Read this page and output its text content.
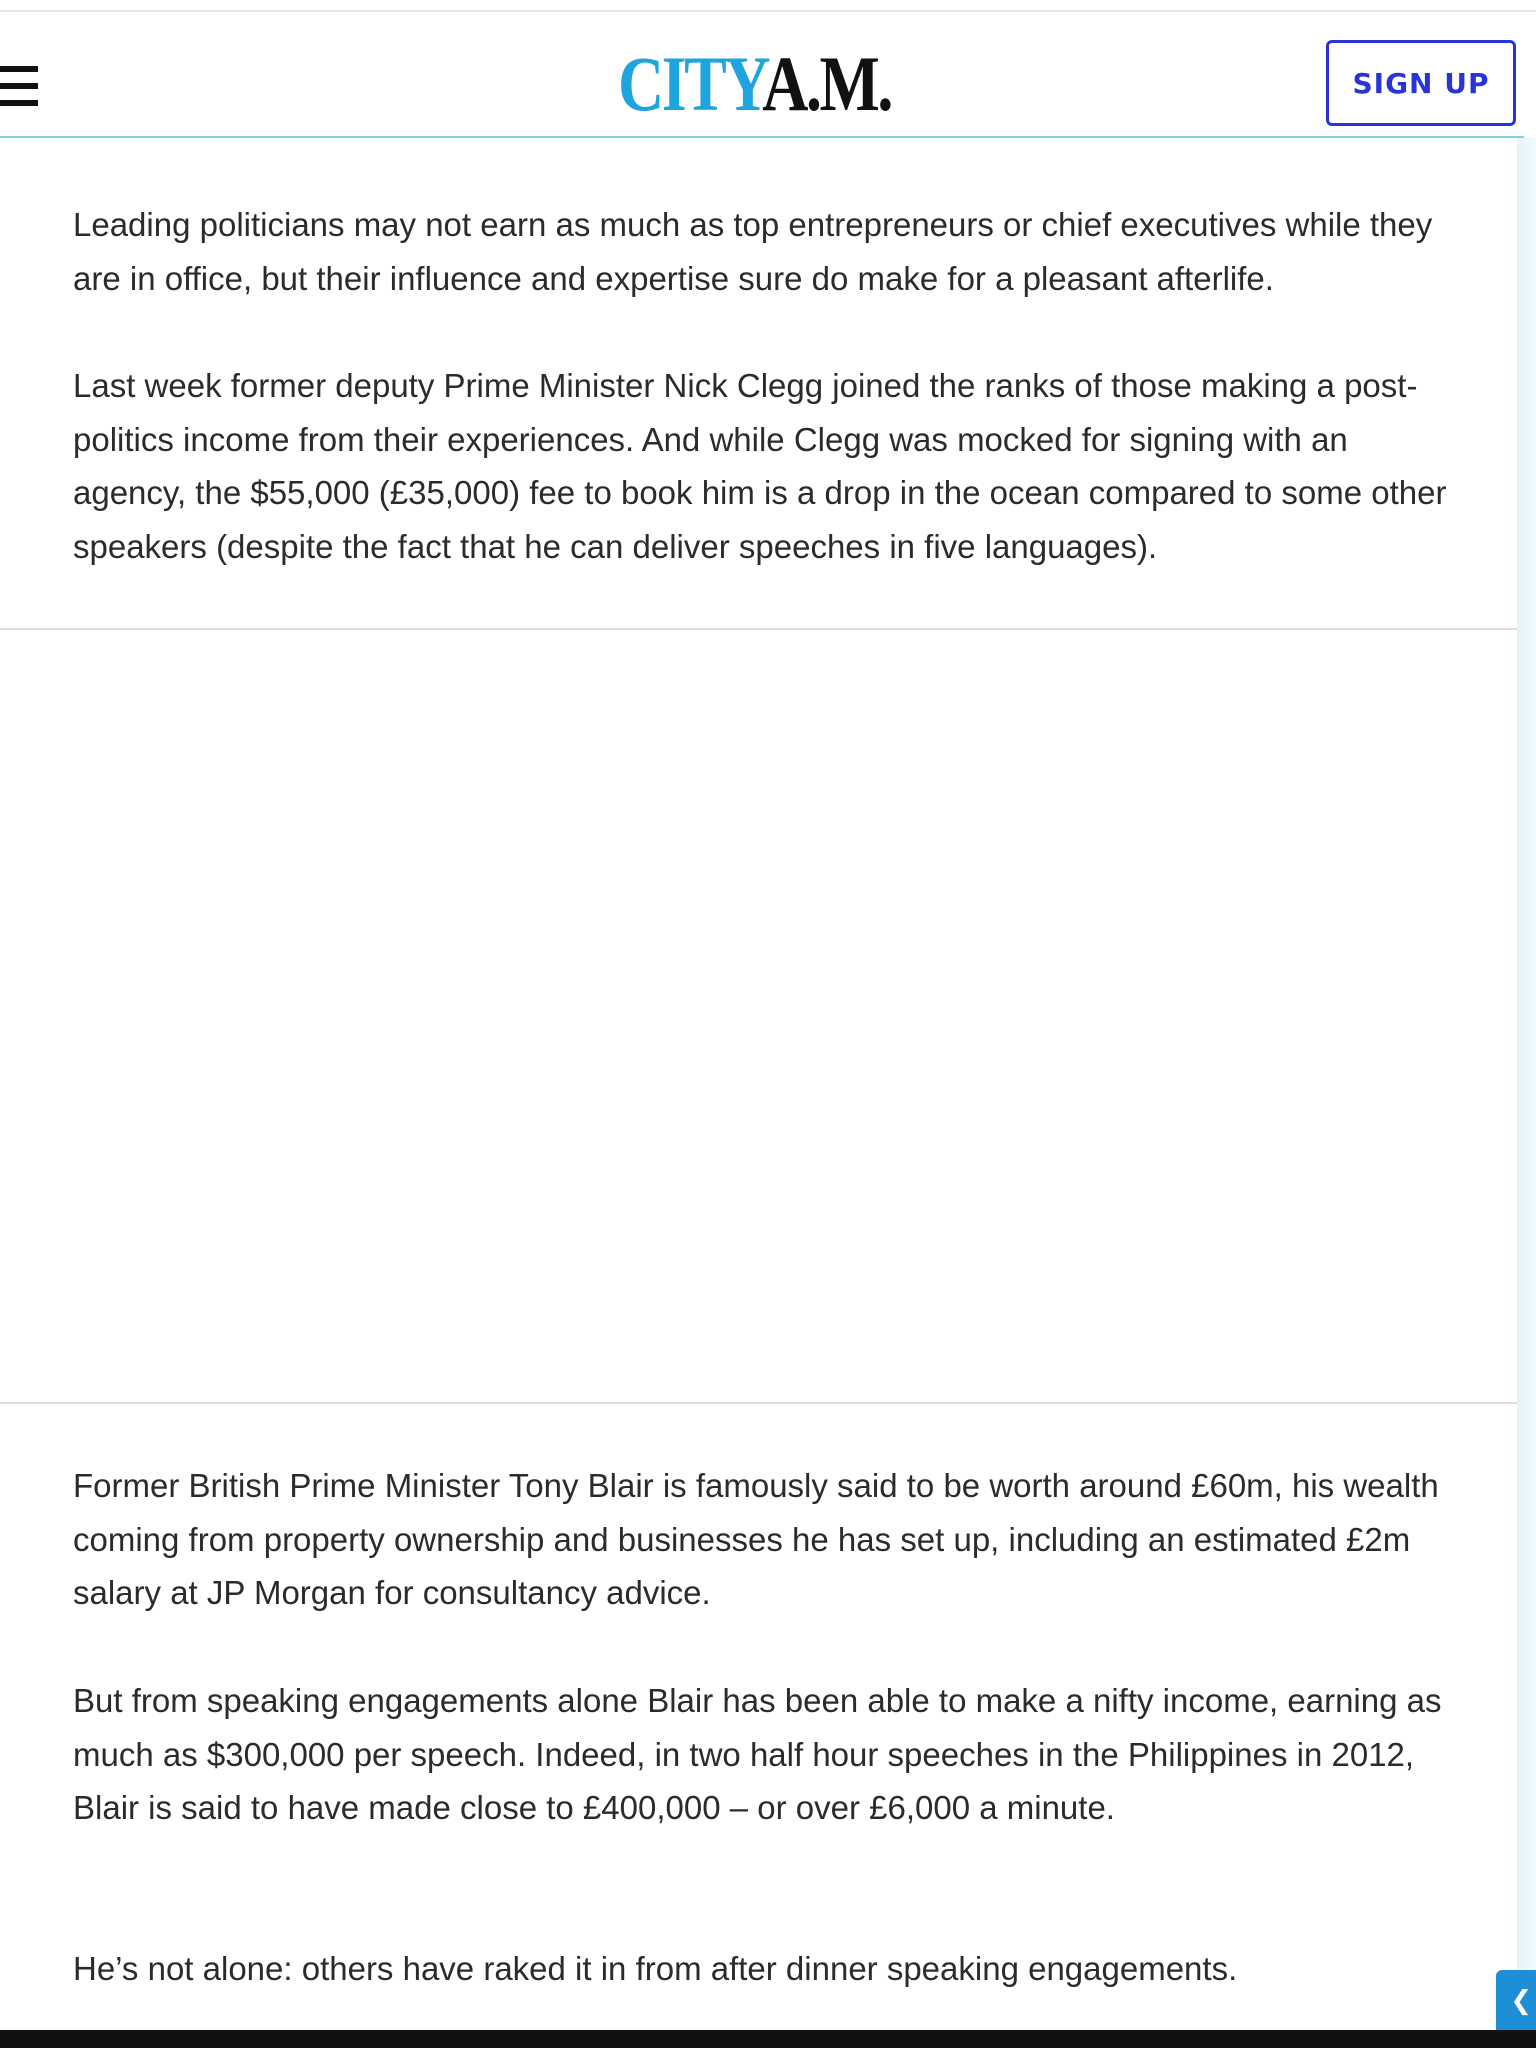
CITYA.M.	SIGN UP

Leading politicians may not earn as much as top entrepreneurs or chief executives while they are in office, but their influence and expertise sure do make for a pleasant afterlife.

Last week former deputy Prime Minister Nick Clegg joined the ranks of those making a post-politics income from their experiences. And while Clegg was mocked for signing with an agency, the $55,000 (£35,000) fee to book him is a drop in the ocean compared to some other speakers (despite the fact that he can deliver speeches in five languages).

Former British Prime Minister Tony Blair is famously said to be worth around £60m, his wealth coming from property ownership and businesses he has set up, including an estimated £2m salary at JP Morgan for consultancy advice.

But from speaking engagements alone Blair has been able to make a nifty income, earning as much as $300,000 per speech. Indeed, in two half hour speeches in the Philippines in 2012, Blair is said to have made close to £400,000 – or over £6,000 a minute.

He’s not alone: others have raked it in from after dinner speaking engagements.

❮
